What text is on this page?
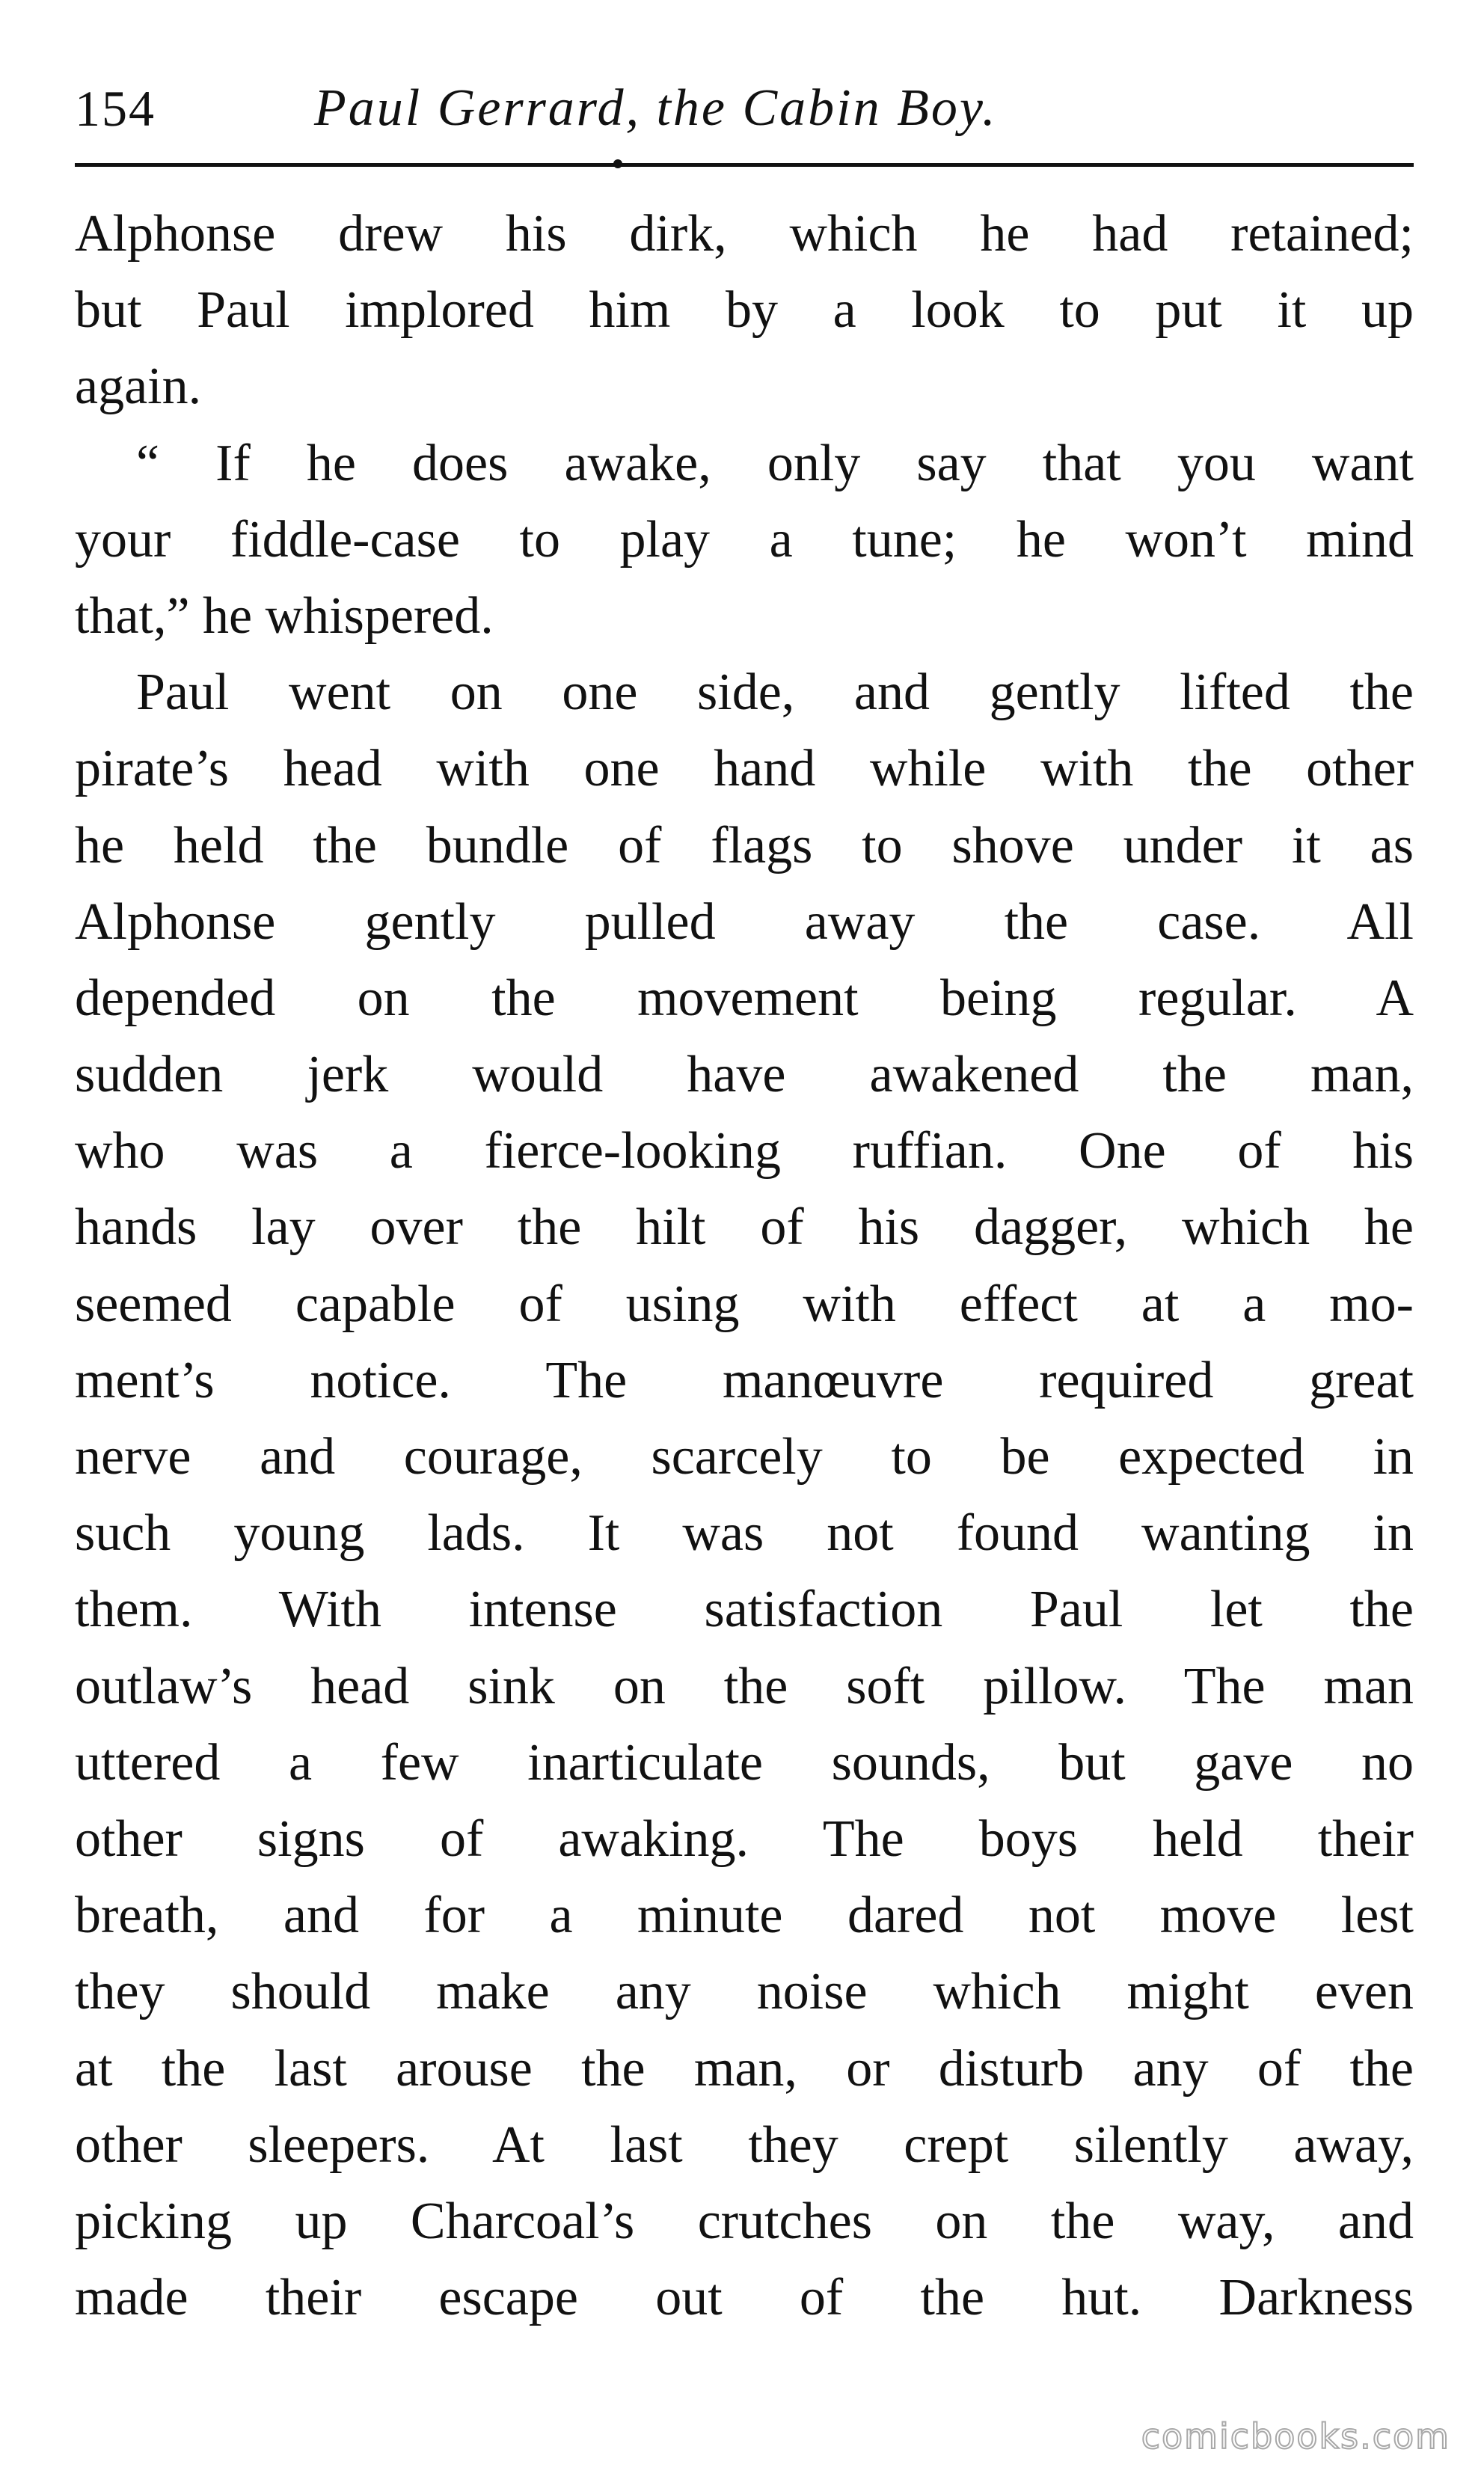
154	Paul Gerrard, the Cabin Boy.
Alphonse drew his dirk, which he had retained;
but Paul implored him by a look to put it up
again.
“ If he does awake, only say that you want
your fiddle-case to play a tune; he won’t mind
that,” he whispered.
Paul went on one side, and gently lifted the
pirate’s head with one hand while with the other
he held the bundle of flags to shove under it as
Alphonse gently pulled away the case. All
depended on the movement being regular. A
sudden jerk would have awakened the man,
who was a fierce-looking ruffian. One of his
hands lay over the hilt of his dagger, which he
seemed capable of using with effect at a mo-
ment’s notice. The manœuvre required great
nerve and courage, scarcely to be expected in
such young lads. It was not found wanting in
them. With intense satisfaction Paul let the
outlaw’s head sink on the soft pillow. The man
uttered a few inarticulate sounds, but gave no
other signs of awaking. The boys held their
breath, and for a minute dared not move lest
they should make any noise which might even
at the last arouse the man, or disturb any of the
other sleepers. At last they crept silently away,
picking up Charcoal’s crutches on the way, and
made their escape out of the hut. Darkness
comicbooks.com
